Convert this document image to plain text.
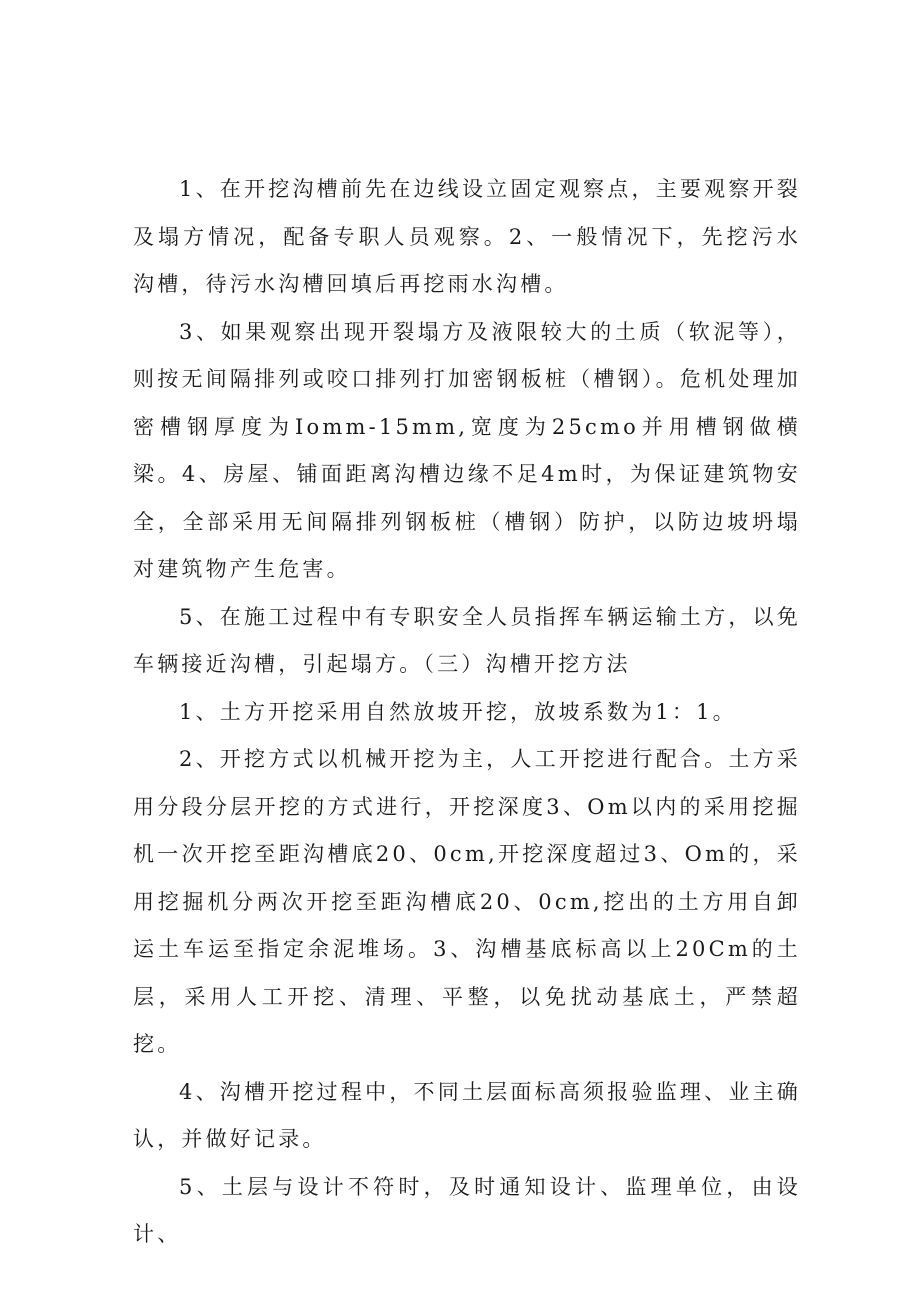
1、在开挖沟槽前先在边线设立固定观察点，主要观察开裂及塌方情况，配备专职人员观察。2、一般情况下，先挖污水沟槽，待污水沟槽回填后再挖雨水沟槽。

3、如果观察出现开裂塌方及液限较大的土质（软泥等），则按无间隔排列或咬口排列打加密钢板桩（槽钢）。危机处理加密槽钢厚度为Iomm-15mm,宽度为25cmo并用槽钢做横梁。4、房屋、铺面距离沟槽边缘不足4m时，为保证建筑物安全，全部采用无间隔排列钢板桩（槽钢）防护，以防边坡坍塌对建筑物产生危害。

5、在施工过程中有专职安全人员指挥车辆运输土方，以免车辆接近沟槽，引起塌方。（三）沟槽开挖方法

1、土方开挖采用自然放坡开挖，放坡系数为1：1。

2、开挖方式以机械开挖为主，人工开挖进行配合。土方采用分段分层开挖的方式进行，开挖深度3、Om以内的采用挖掘机一次开挖至距沟槽底20、0cm,开挖深度超过3、Om的，采用挖掘机分两次开挖至距沟槽底20、0cm,挖出的土方用自卸运土车运至指定余泥堆场。3、沟槽基底标高以上20Cm的土层，采用人工开挖、清理、平整，以免扰动基底土，严禁超挖。

4、沟槽开挖过程中，不同土层面标高须报验监理、业主确认，并做好记录。

5、土层与设计不符时，及时通知设计、监理单位，由设计、
